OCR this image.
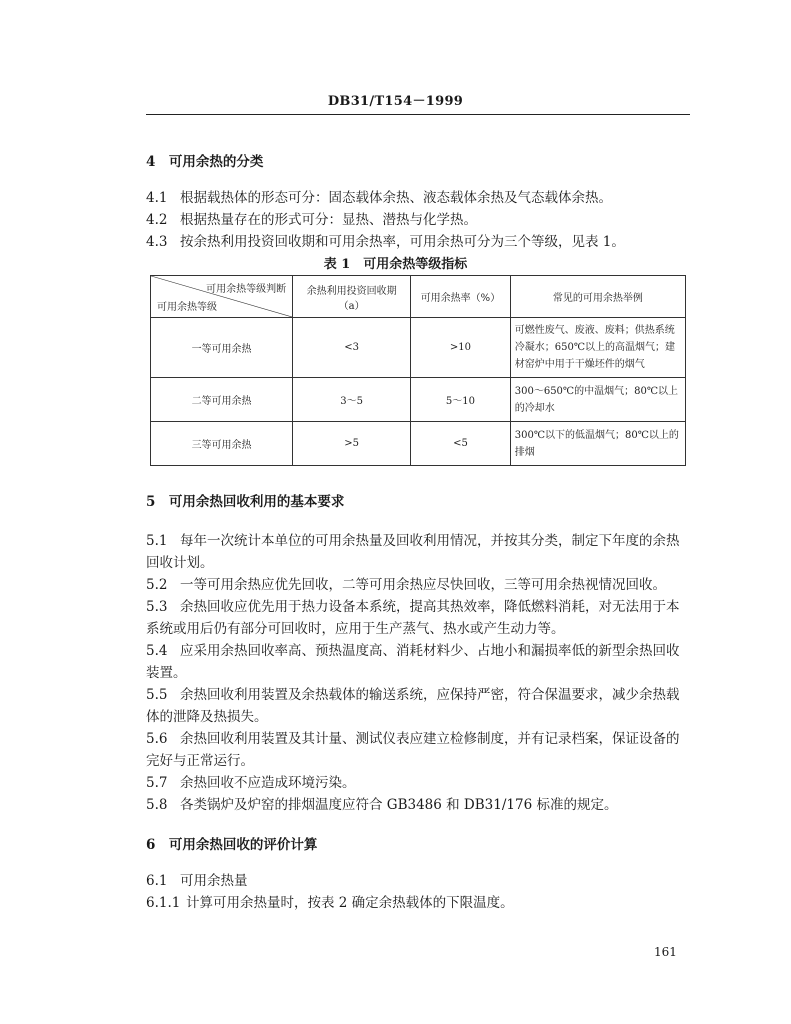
DB31/T154－1999
4　可用余热的分类
4.1 根据载热体的形态可分：固态载体余热、液态载体余热及气态载体余热。
4.2 根据热量存在的形式可分：显热、潜热与化学热。
4.3 按余热利用投资回收期和可用余热率，可用余热可分为三个等级，见表 1。
表 1　可用余热等级指标
可用余热等级判断
可用余热等级	余热利用投资回收期（a）	可用余热率（%）	常见的可用余热举例
一等可用余热	<3	>10	可燃性废气、废液、废料；供热系统冷凝水；650℃以上的高温烟气；建材窑炉中用于干燥坯件的烟气
二等可用余热	3～5	5～10	300～650℃的中温烟气；80℃以上的冷却水
三等可用余热	>5	<5	300℃以下的低温烟气；80℃以上的排烟
5　可用余热回收利用的基本要求
5.1 每年一次统计本单位的可用余热量及回收利用情况，并按其分类，制定下年度的余热回收计划。
5.2 一等可用余热应优先回收，二等可用余热应尽快回收，三等可用余热视情况回收。
5.3 余热回收应优先用于热力设备本系统，提高其热效率，降低燃料消耗，对无法用于本系统或用后仍有部分可回收时，应用于生产蒸气、热水或产生动力等。
5.4 应采用余热回收率高、预热温度高、消耗材料少、占地小和漏损率低的新型余热回收装置。
5.5 余热回收利用装置及余热载体的输送系统，应保持严密，符合保温要求，减少余热载体的泄降及热损失。
5.6 余热回收利用装置及其计量、测试仪表应建立检修制度，并有记录档案，保证设备的完好与正常运行。
5.7 余热回收不应造成环境污染。
5.8 各类锅炉及炉窑的排烟温度应符合 GB3486 和 DB31/176 标准的规定。
6　可用余热回收的评价计算
6.1 可用余热量
6.1.1 计算可用余热量时，按表 2 确定余热载体的下限温度。
161
